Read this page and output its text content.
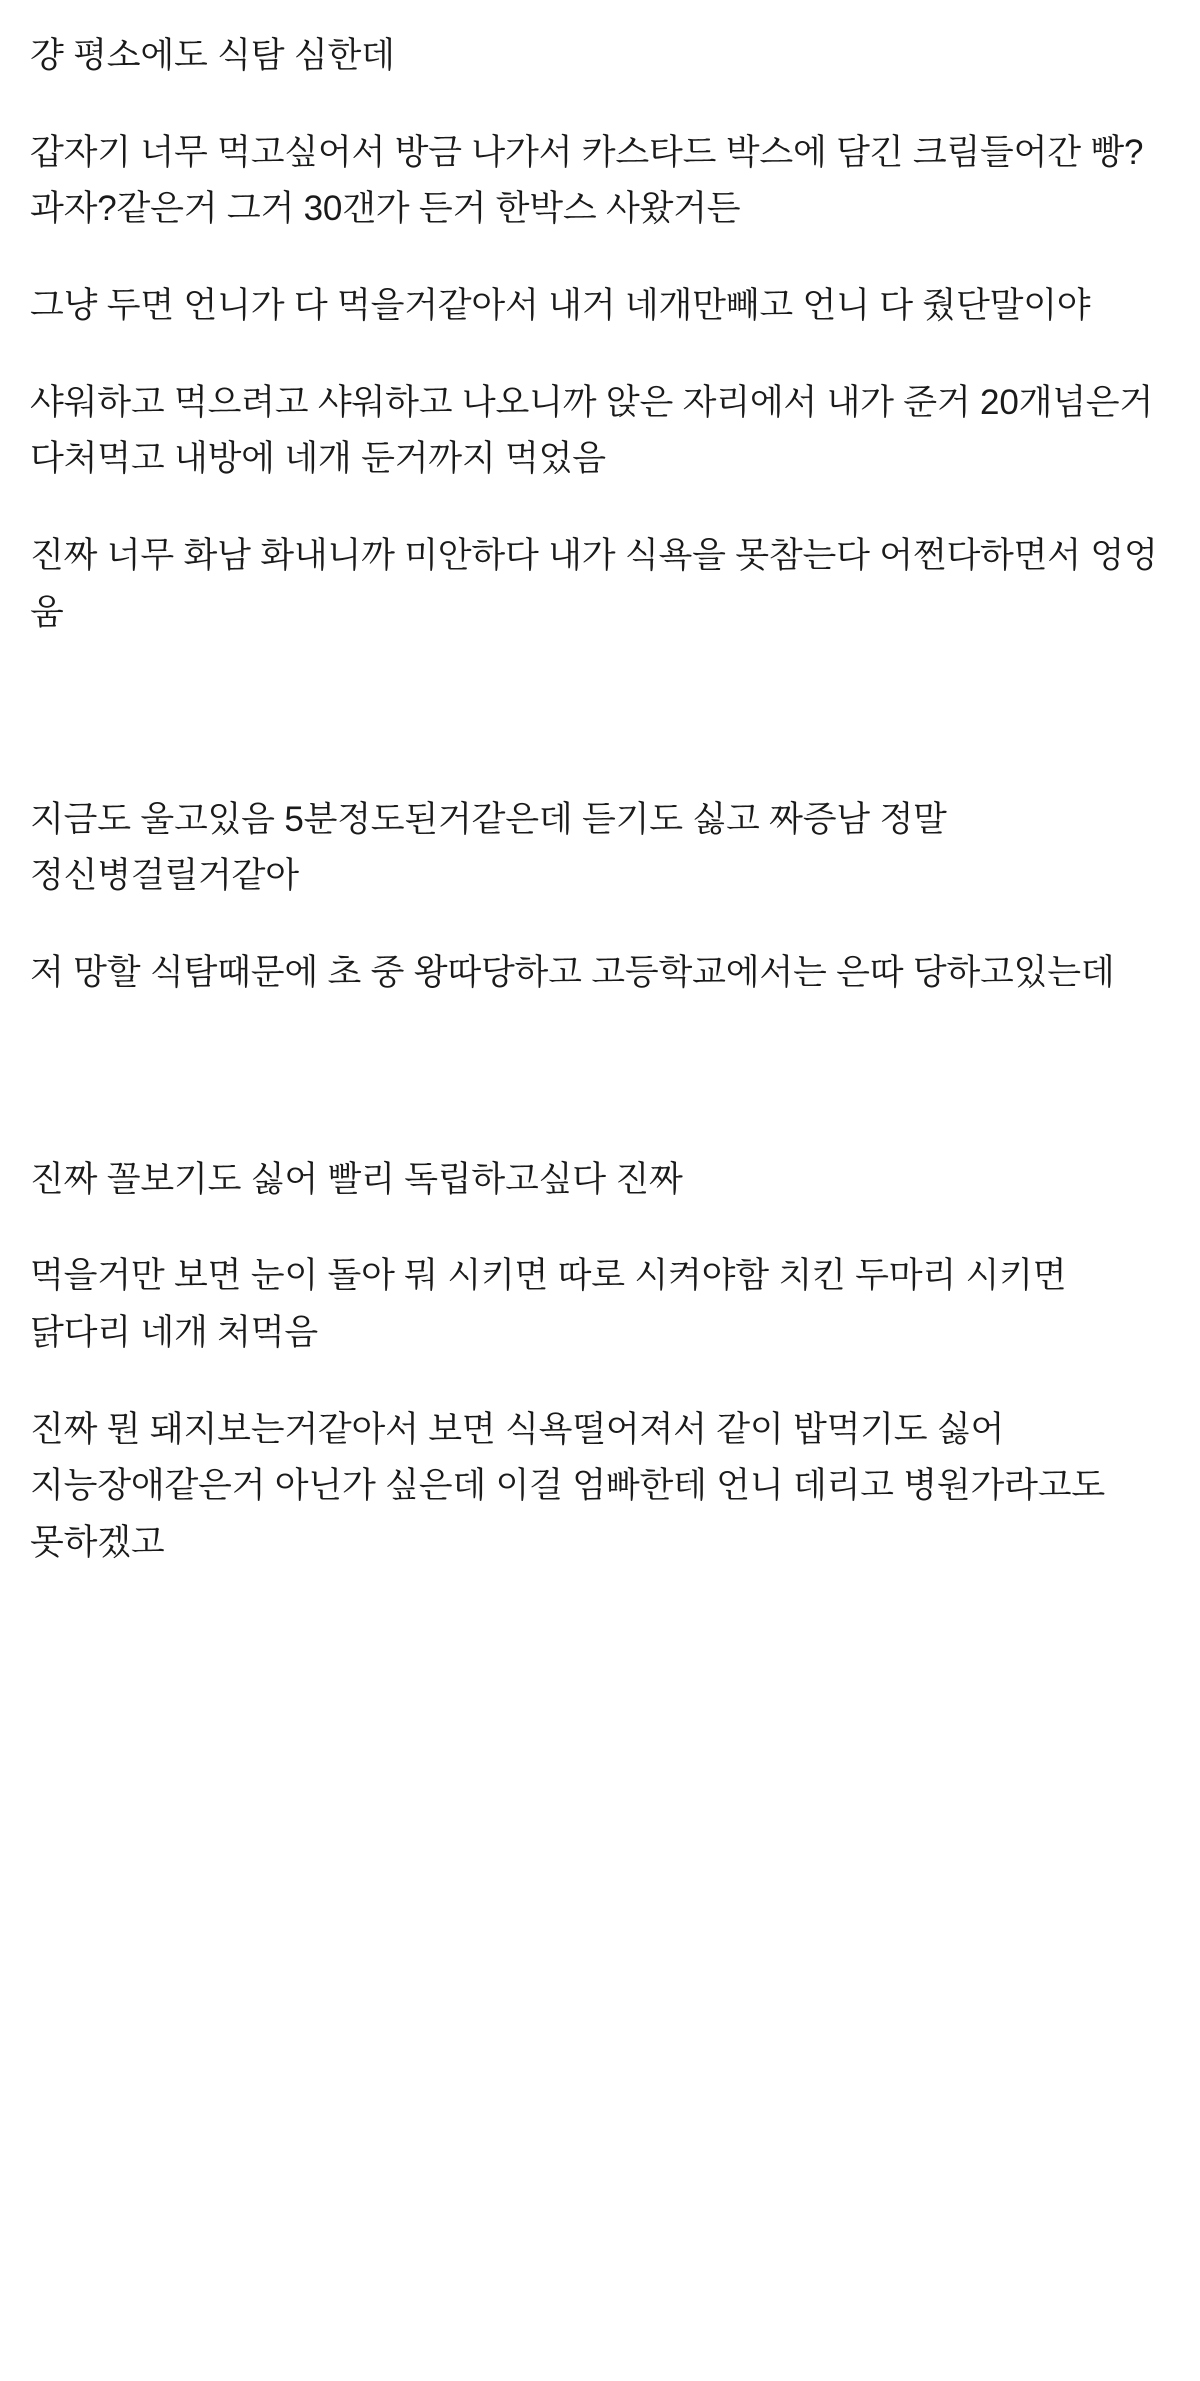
걍 평소에도 식탐 심한데

갑자기 너무 먹고싶어서 방금 나가서 카스타드 박스에 담긴 크림들어간 빵? 과자?같은거 그거 30갠가 든거 한박스 사왔거든

그냥 두면 언니가 다 먹을거같아서 내거 네개만빼고 언니 다 줬단말이야

샤워하고 먹으려고 샤워하고 나오니까 앉은 자리에서 내가 준거 20개넘은거 다처먹고 내방에 네개 둔거까지 먹었음

진짜 너무 화남 화내니까 미안하다 내가 식욕을 못참는다 어쩐다하면서 엉엉 움

지금도 울고있음 5분정도된거같은데 듣기도 싫고 짜증남 정말 정신병걸릴거같아

저 망할 식탐때문에 초 중 왕따당하고 고등학교에서는 은따 당하고있는데

진짜 꼴보기도 싫어 빨리 독립하고싶다 진짜

먹을거만 보면 눈이 돌아 뭐 시키면 따로 시켜야함 치킨 두마리 시키면 닭다리 네개 처먹음

진짜 뭔 돼지보는거같아서 보면 식욕떨어져서 같이 밥먹기도 싫어 지능장애같은거 아닌가 싶은데 이걸 엄빠한테 언니 데리고 병원가라고도 못하겠고
